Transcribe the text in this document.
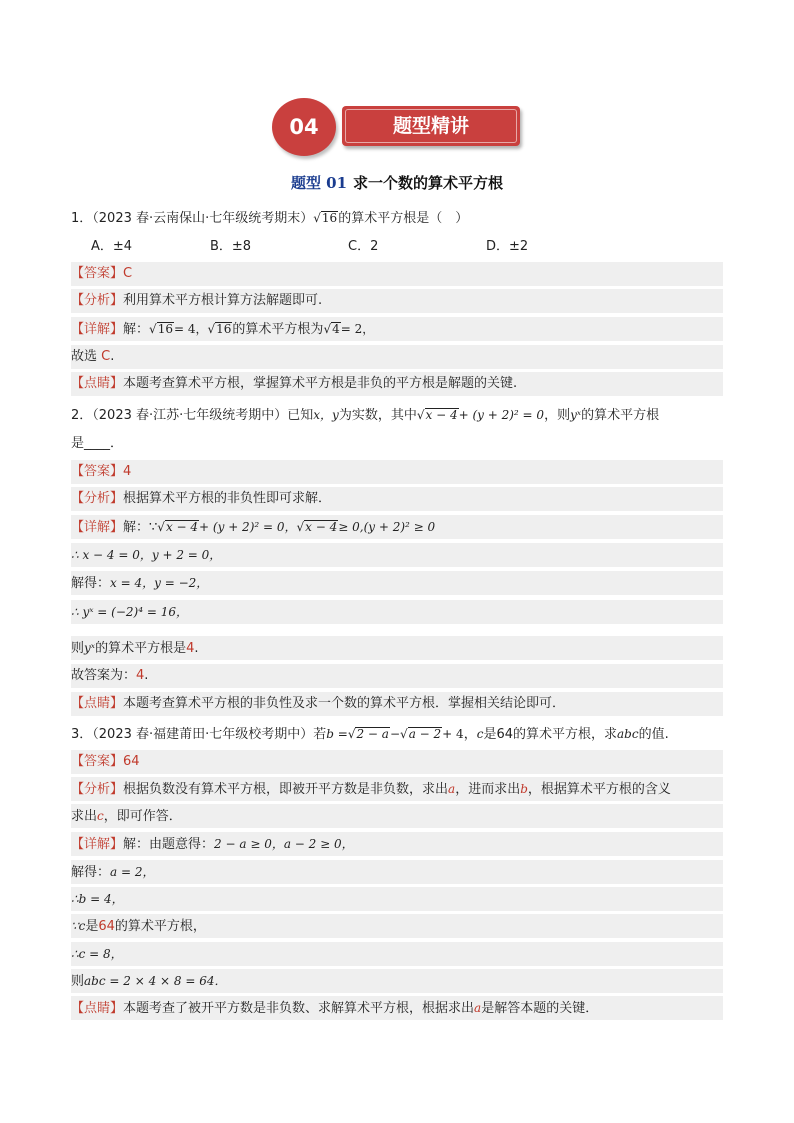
04	题型精讲
题型 01 求一个数的算术平方根
1．（2023 春·云南保山·七年级统考期末）√16的算术平方根是（　）
A．±4	B．±8	C．2	D．±2
【答案】C
【分析】利用算术平方根计算方法解题即可.
【详解】解：√16= 4，√16的算术平方根为√4= 2，
故选 C.
【点睛】本题考查算术平方根，掌握算术平方根是非负的平方根是解题的关键.
2．（2023 春·江苏·七年级统考期中）已知x，y为实数，其中√x − 4+ (y + 2)² = 0，则yˣ的算术平方根
是____．
【答案】4
【分析】根据算术平方根的非负性即可求解．
【详解】解：∵√x − 4+ (y + 2)² = 0，√x − 4≥ 0,(y + 2)² ≥ 0
∴ x − 4 = 0，y + 2 = 0，
解得：x = 4，y = −2，
∴ yˣ = (−2)⁴ = 16，
则yˣ的算术平方根是4.
故答案为：4.
【点睛】本题考查算术平方根的非负性及求一个数的算术平方根．掌握相关结论即可．
3．（2023 春·福建莆田·七年级校考期中）若b =√2 − a−√a − 2+ 4，c是64的算术平方根，求abc的值.
【答案】64
【分析】根据负数没有算术平方根，即被开平方数是非负数，求出a，进而求出b，根据算术平方根的含义
求出c，即可作答．
【详解】解：由题意得：2 − a ≥ 0，a − 2 ≥ 0，
解得：a = 2，
∴b = 4，
∵c是64的算术平方根，
∴c = 8，
则abc = 2 × 4 × 8 = 64．
【点睛】本题考查了被开平方数是非负数、求解算术平方根，根据求出a是解答本题的关键．
